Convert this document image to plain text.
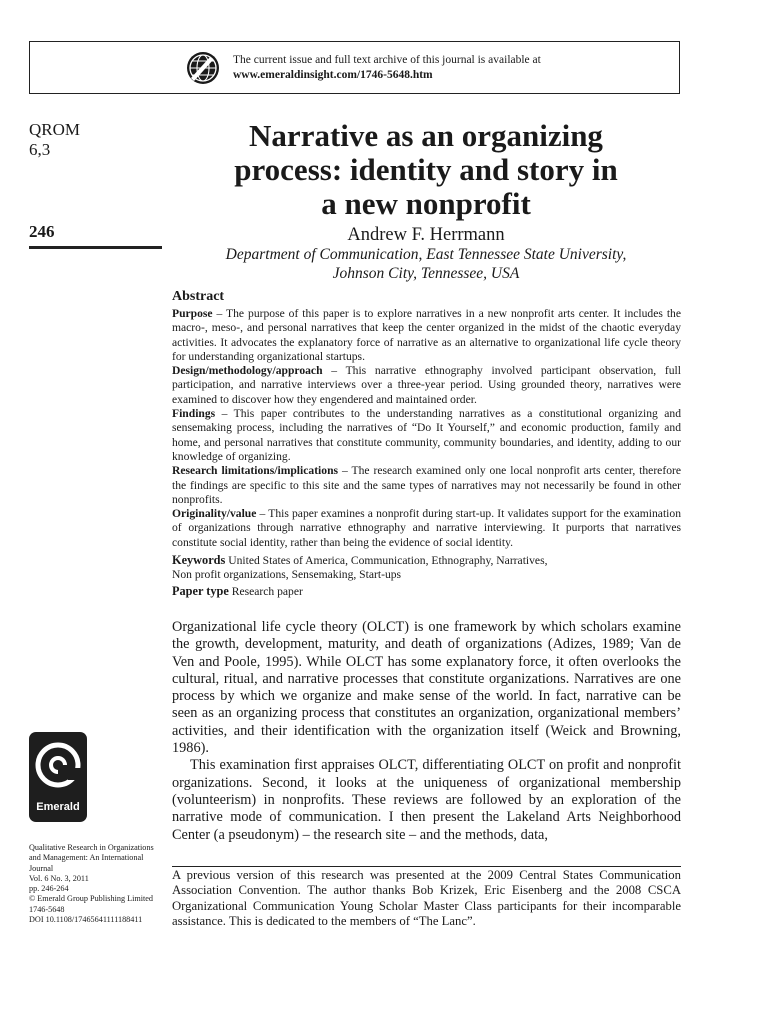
The current issue and full text archive of this journal is available at
www.emeraldinsight.com/1746-5648.htm
QROM
6,3
246
Emerald
Qualitative Research in Organizations
and Management: An International
Journal
Vol. 6 No. 3, 2011
pp. 246-264
© Emerald Group Publishing Limited
1746-5648
DOI 10.1108/17465641111188411
Narrative as an organizing
process: identity and story in
a new nonprofit
Andrew F. Herrmann
Department of Communication, East Tennessee State University,
Johnson City, Tennessee, USA
Abstract

Purpose – The purpose of this paper is to explore narratives in a new nonprofit arts center. It includes the macro-, meso-, and personal narratives that keep the center organized in the midst of the chaotic everyday activities. It advocates the explanatory force of narrative as an alternative to organizational life cycle theory for understanding organizational startups.

Design/methodology/approach – This narrative ethnography involved participant observation, full participation, and narrative interviews over a three-year period. Using grounded theory, narratives were examined to discover how they engendered and maintained order.

Findings – This paper contributes to the understanding narratives as a constitutional organizing and sensemaking process, including the narratives of “Do It Yourself,” and economic production, family and home, and personal narratives that constitute community, community boundaries, and identity, adding to our knowledge of organizing.

Research limitations/implications – The research examined only one local nonprofit arts center, therefore the findings are specific to this site and the same types of narratives may not necessarily be found in other nonprofits.

Originality/value – This paper examines a nonprofit during start-up. It validates support for the examination of organizations through narrative ethnography and narrative interviewing. It purports that narratives constitute social identity, rather than being the evidence of social identity.

Keywords United States of America, Communication, Ethnography, Narratives,
Non profit organizations, Sensemaking, Start-ups
Paper type Research paper

Organizational life cycle theory (OLCT) is one framework by which scholars examine the growth, development, maturity, and death of organizations (Adizes, 1989; Van de Ven and Poole, 1995). While OLCT has some explanatory force, it often overlooks the cultural, ritual, and narrative processes that constitute organizations. Narratives are one process by which we organize and make sense of the world. In fact, narrative can be seen as an organizing process that constitutes an organization, organizational members’ activities, and their identification with the organization itself (Weick and Browning, 1986).

This examination first appraises OLCT, differentiating OLCT on profit and nonprofit organizations. Second, it looks at the uniqueness of organizational membership (volunteerism) in nonprofits. These reviews are followed by an exploration of the narrative mode of communication. I then present the Lakeland Arts Neighborhood Center (a pseudonym) – the research site – and the methods, data,

A previous version of this research was presented at the 2009 Central States Communication Association Convention. The author thanks Bob Krizek, Eric Eisenberg and the 2008 CSCA Organizational Communication Young Scholar Master Class participants for their incomparable assistance. This is dedicated to the members of “The Lanc”.
